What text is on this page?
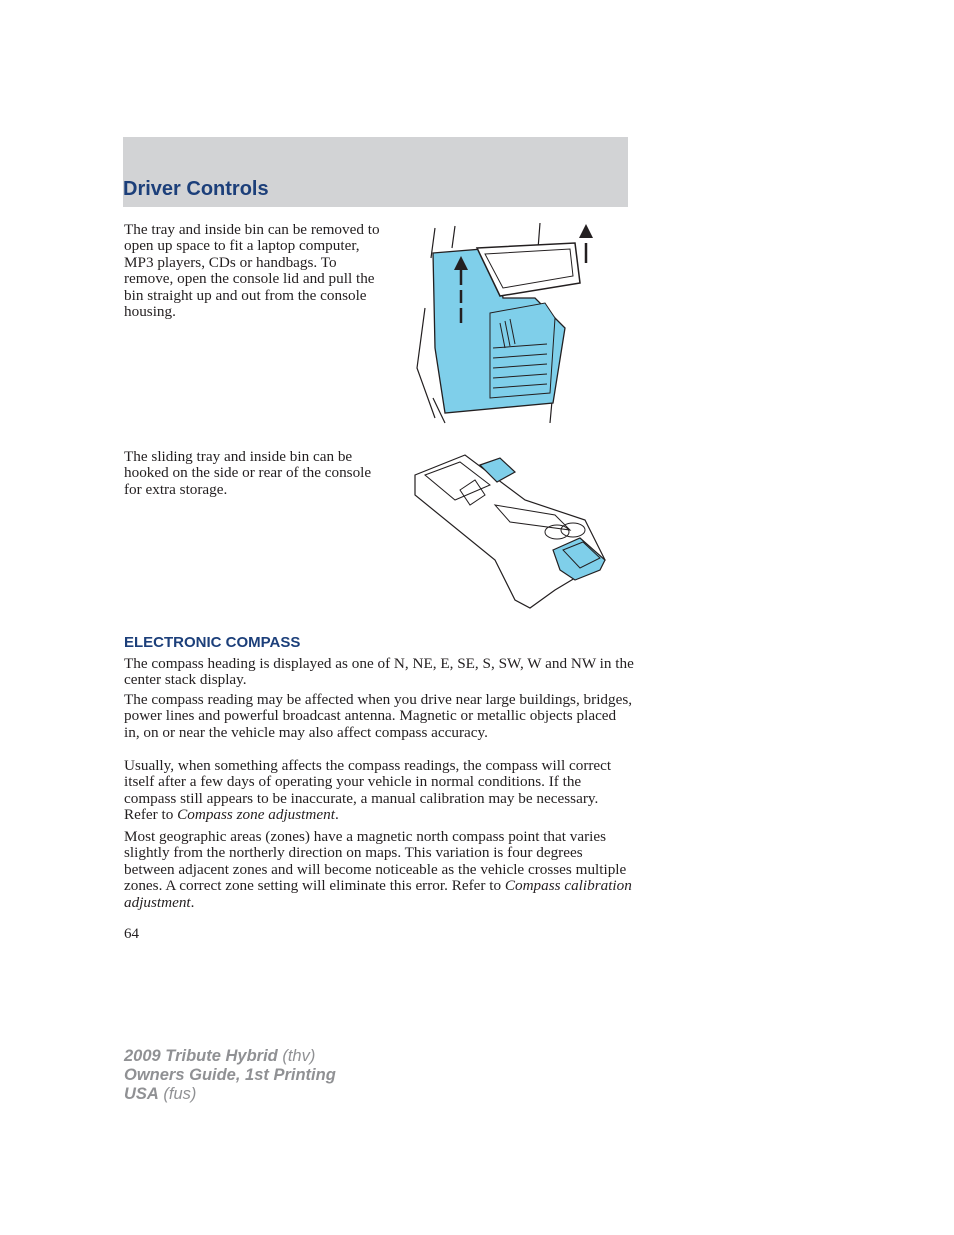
Driver Controls

The tray and inside bin can be removed to open up space to fit a laptop computer, MP3 players, CDs or handbags. To remove, open the console lid and pull the bin straight up and out from the console housing.

The sliding tray and inside bin can be hooked on the side or rear of the console for extra storage.

ELECTRONIC COMPASS

The compass heading is displayed as one of N, NE, E, SE, S, SW, W and NW in the center stack display.

The compass reading may be affected when you drive near large buildings, bridges, power lines and powerful broadcast antenna. Magnetic or metallic objects placed in, on or near the vehicle may also affect compass accuracy.

Usually, when something affects the compass readings, the compass will correct itself after a few days of operating your vehicle in normal conditions. If the compass still appears to be inaccurate, a manual calibration may be necessary. Refer to Compass zone adjustment.

Most geographic areas (zones) have a magnetic north compass point that varies slightly from the northerly direction on maps. This variation is four degrees between adjacent zones and will become noticeable as the vehicle crosses multiple zones. A correct zone setting will eliminate this error. Refer to Compass calibration adjustment.

64
2009 Tribute Hybrid (thv)
Owners Guide, 1st Printing
USA (fus)
